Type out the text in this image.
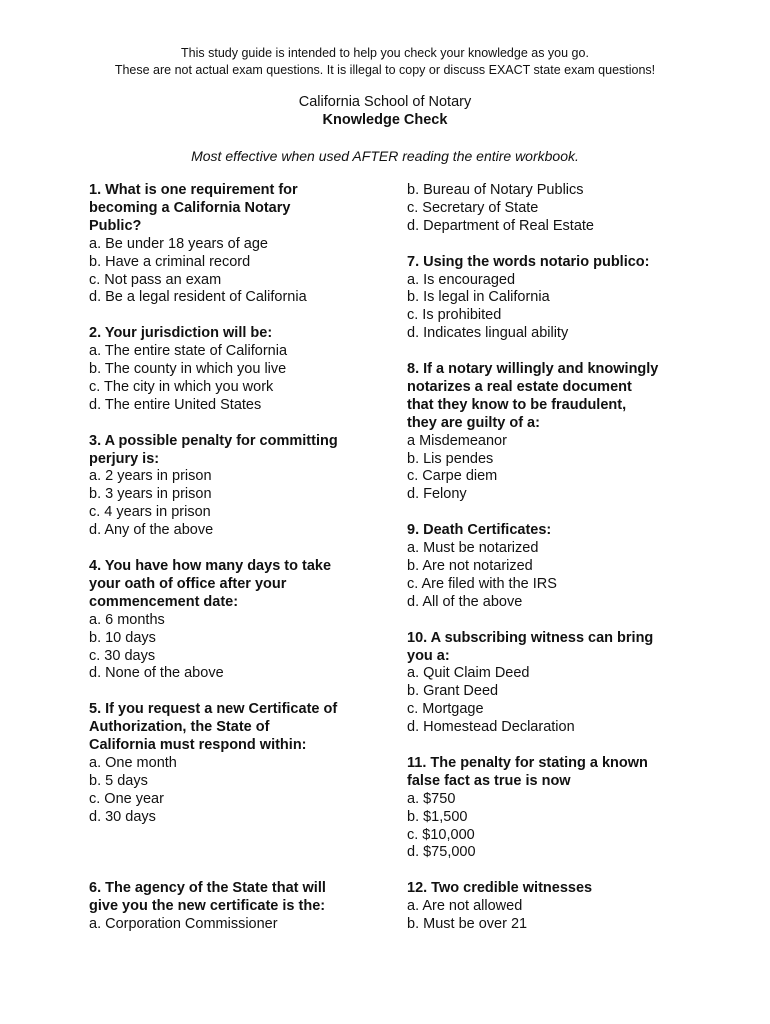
This study guide is intended to help you check your knowledge as you go.
These are not actual exam questions. It is illegal to copy or discuss EXACT state exam questions!
California School of Notary
Knowledge Check
Most effective when used AFTER reading the entire workbook.
1. What is one requirement for
becoming a California Notary
Public?
a. Be under 18 years of age
b. Have a criminal record
c. Not pass an exam
d. Be a legal resident of California
2. Your jurisdiction will be:
a. The entire state of California
b. The county in which you live
c. The city in which you work
d. The entire United States
3. A possible penalty for committing
perjury is:
a. 2 years in prison
b. 3 years in prison
c. 4 years in prison
d. Any of the above
4. You have how many days to take
your oath of office after your
commencement date:
a. 6 months
b. 10 days
c. 30 days
d. None of the above
5. If you request a new Certificate of
Authorization, the State of
California must respond within:
a. One month
b. 5 days
c. One year
d. 30 days
6. The agency of the State that will
give you the new certificate is the:
a. Corporation Commissioner
b. Bureau of Notary Publics
c. Secretary of State
d. Department of Real Estate
7. Using the words notario publico:
a. Is encouraged
b. Is legal in California
c. Is prohibited
d. Indicates lingual ability
8. If a notary willingly and knowingly
notarizes a real estate document
that they know to be fraudulent,
they are guilty of a:
a Misdemeanor
b. Lis pendes
c. Carpe diem
d. Felony
9. Death Certificates:
a. Must be notarized
b. Are not notarized
c. Are filed with the IRS
d. All of the above
10. A subscribing witness can bring
you a:
a. Quit Claim Deed
b. Grant Deed
c. Mortgage
d. Homestead Declaration
11. The penalty for stating a known
false fact as true is now
a. $750
b. $1,500
c. $10,000
d. $75,000
12. Two credible witnesses
a. Are not allowed
b. Must be over 21
